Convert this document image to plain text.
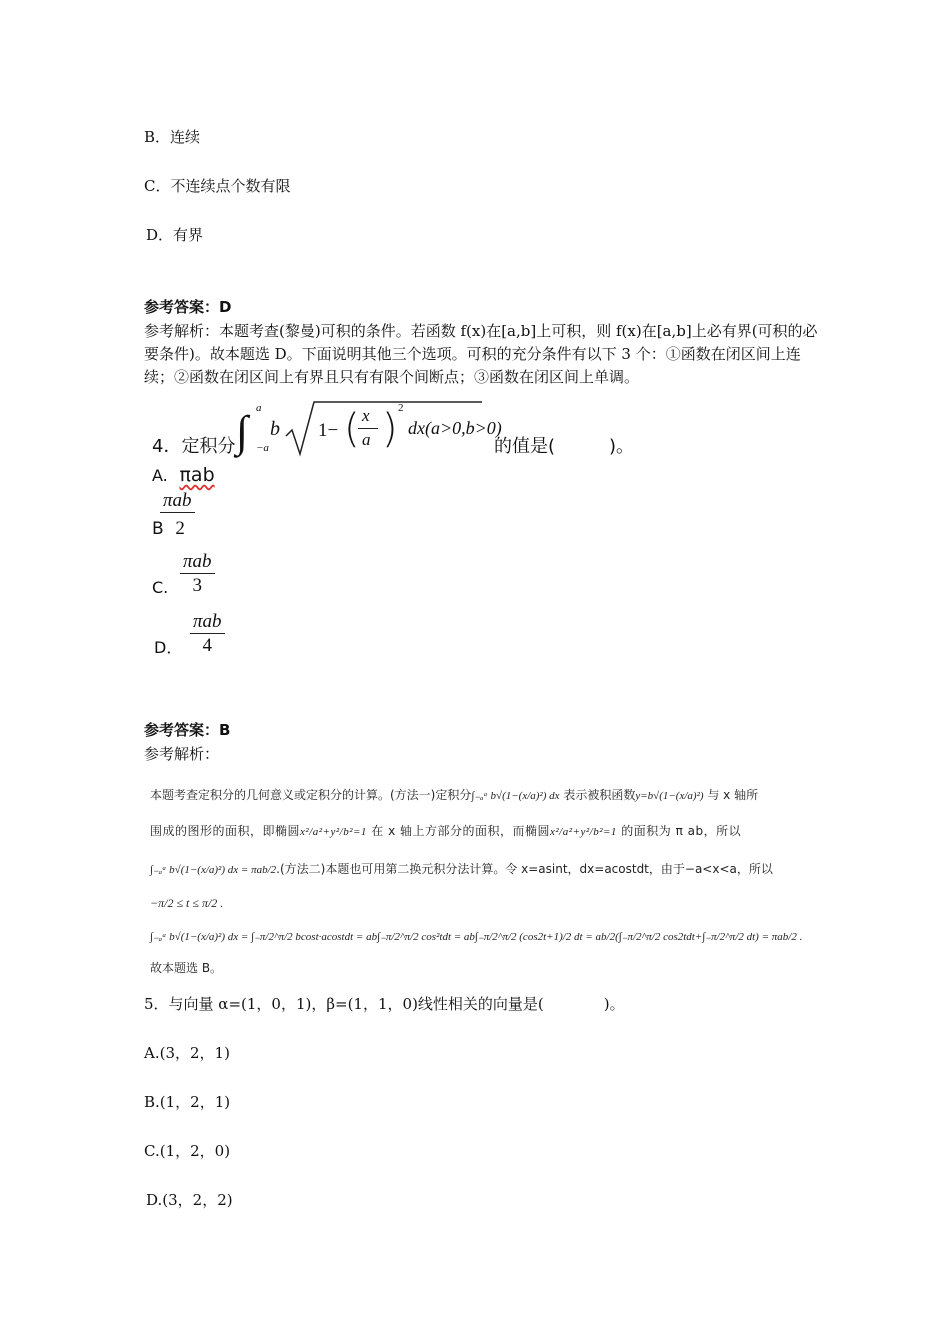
B．连续
C．不连续点个数有限
D．有界
参考答案：D
参考解析：本题考查(黎曼)可积的条件。若函数 f(x)在[a,b]上可积，则 f(x)在[a,b]上必有界(可积的必要条件)。故本题选 D。下面说明其他三个选项。可积的充分条件有以下 3 个：①函数在闭区间上连续；②函数在闭区间上有界且只有有限个间断点；③函数在闭区间上单调。
4．定积分 ∫ a
−a
b 1− ( x
a ) 2
dx(a>0,b>0)
的值是(　　　)。
A. πab
πab
B 2
πab
3
C.
πab
4
D．
参考答案：B
参考解析：
本题考查定积分的几何意义或定积分的计算。(方法一)定积分∫₋ₐᵃ b√(1−(x/a)²) dx 表示被积函数y=b√(1−(x/a)²) 与 x 轴所
围成的图形的面积，即椭圆x²/a²+y²/b²=1 在 x 轴上方部分的面积，而椭圆x²/a²+y²/b²=1 的面积为 π ab，所以
∫₋ₐᵃ b√(1−(x/a)²) dx = πab/2.(方法二)本题也可用第二换元积分法计算。令 x=asint，dx=acostdt，由于−a<x<a，所以
−π/2 ≤ t ≤ π/2 .
∫₋ₐᵃ b√(1−(x/a)²) dx = ∫₋π/2^π/2 bcost·acostdt = ab∫₋π/2^π/2 cos²tdt = ab∫₋π/2^π/2 (cos2t+1)/2 dt = ab/2(∫₋π/2^π/2 cos2tdt+∫₋π/2^π/2 dt) = πab/2 .
故本题选 B。
5．与向量 α=(1，0，1)，β=(1，1，0)线性相关的向量是(　　　　)。
A.(3，2，1)
B.(1，2，1)
C.(1，2，0)
D.(3，2，2)
